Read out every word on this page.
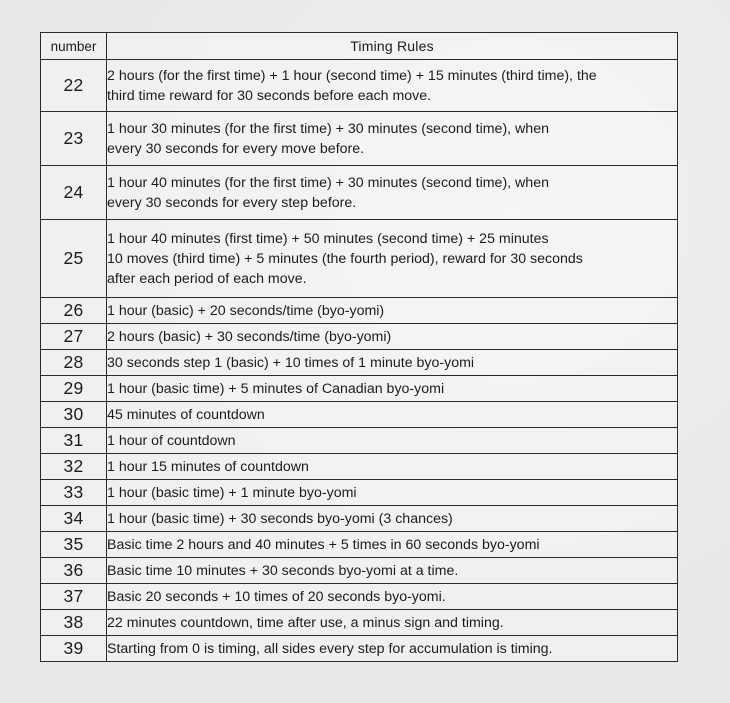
number	Timing Rules
22	2 hours (for the first time) + 1 hour (second time) + 15 minutes (third time), the
third time reward for 30 seconds before each move.
23	1 hour 30 minutes (for the first time) + 30 minutes (second time), when
every 30 seconds for every move before.
24	1 hour 40 minutes (for the first time) + 30 minutes (second time), when
every 30 seconds for every step before.
25	1 hour 40 minutes (first time) + 50 minutes (second time) + 25 minutes
10 moves (third time) + 5 minutes (the fourth period), reward for 30 seconds
after each period of each move.
26	1 hour (basic) + 20 seconds/time (byo-yomi)
27	2 hours (basic) + 30 seconds/time (byo-yomi)
28	30 seconds step 1 (basic) + 10 times of 1 minute byo-yomi
29	1 hour (basic time) + 5 minutes of Canadian byo-yomi
30	45 minutes of countdown
31	1 hour of countdown
32	1 hour 15 minutes of countdown
33	1 hour (basic time) + 1 minute byo-yomi
34	1 hour (basic time) + 30 seconds byo-yomi (3 chances)
35	Basic time 2 hours and 40 minutes + 5 times in 60 seconds byo-yomi
36	Basic time 10 minutes + 30 seconds byo-yomi at a time.
37	Basic 20 seconds + 10 times of 20 seconds byo-yomi.
38	22 minutes countdown, time after use, a minus sign and timing.
39	Starting from 0 is timing, all sides every step for accumulation is timing.
